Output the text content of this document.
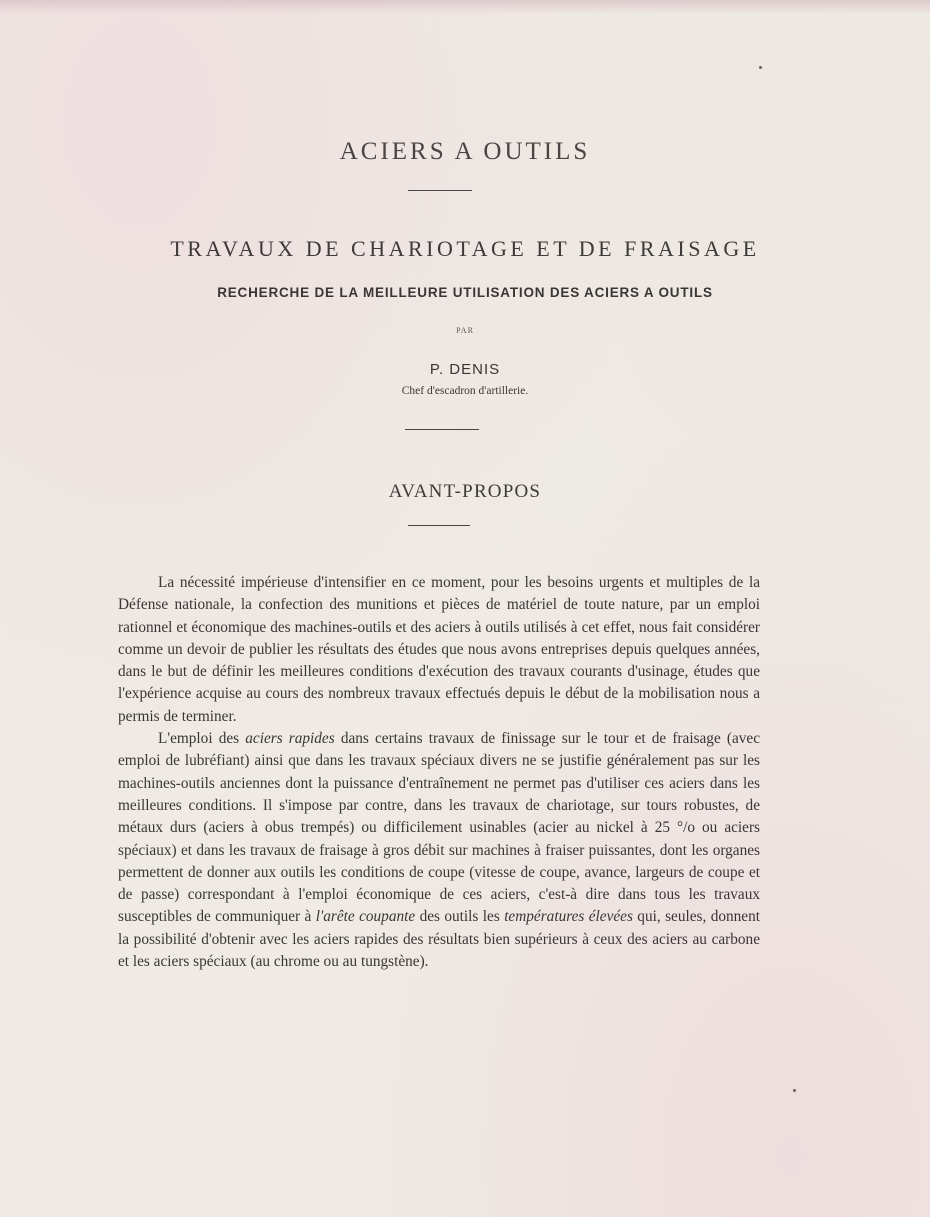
ACIERS A OUTILS
TRAVAUX DE CHARIOTAGE ET DE FRAISAGE
RECHERCHE DE LA MEILLEURE UTILISATION DES ACIERS A OUTILS
PAR
P. DENIS
Chef d'escadron d'artillerie.
AVANT-PROPOS

La nécessité impérieuse d'intensifier en ce moment, pour les besoins urgents et multiples de la Défense nationale, la confection des munitions et pièces de matériel de toute nature, par un emploi rationnel et économique des machines-outils et des aciers à outils utilisés à cet effet, nous fait considérer comme un devoir de publier les résultats des études que nous avons entreprises depuis quelques années, dans le but de définir les meilleures conditions d'exécution des travaux courants d'usinage, études que l'expérience acquise au cours des nombreux travaux effectués depuis le début de la mobilisation nous a permis de terminer.

L'emploi des aciers rapides dans certains travaux de finissage sur le tour et de fraisage (avec emploi de lubréfiant) ainsi que dans les travaux spéciaux divers ne se justifie généralement pas sur les machines-outils anciennes dont la puissance d'entraînement ne permet pas d'utiliser ces aciers dans les meilleures conditions. Il s'impose par contre, dans les travaux de chariotage, sur tours robustes, de métaux durs (aciers à obus trempés) ou difficilement usinables (acier au nickel à 25 °/o ou aciers spéciaux) et dans les travaux de fraisage à gros débit sur machines à fraiser puissantes, dont les organes permettent de donner aux outils les conditions de coupe (vitesse de coupe, avance, largeurs de coupe et de passe) correspondant à l'emploi économique de ces aciers, c'est-à dire dans tous les travaux susceptibles de communiquer à l'arête coupante des outils les températures élevées qui, seules, donnent la possibilité d'obtenir avec les aciers rapides des résultats bien supérieurs à ceux des aciers au carbone et les aciers spéciaux (au chrome ou au tungstène).
